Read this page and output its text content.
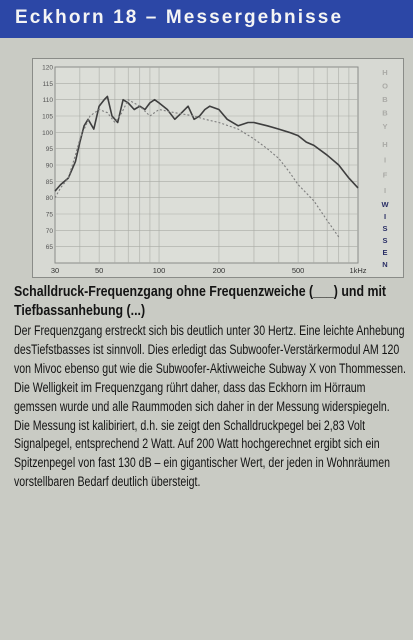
Eckhorn 18 – Messergebnisse
65
70
75
80
85
90
95
100
105
110
115
120
30	50	100	200	500	1kHz
H
O
B
B
Y
H
I
F
I
W
I
S
S
E
N
Schalldruck-Frequenzgang ohne Frequenzweiche (___) und mit Tiefbassanhebung (...)
Der Frequenzgang erstreckt sich bis deutlich unter 30 Hertz. Eine leichte Anhebung desTiefstbasses ist sinnvoll. Dies erledigt das Subwoofer-Verstärkermodul AM 120 von Mivoc ebenso gut wie die Subwoofer-Aktivweiche Subway X von Thommessen. Die Welligkeit im Frequenzgang rührt daher, dass das Eckhorn im Hörraum gemssen wurde und alle Raummoden sich daher in der Messung widerspiegeln. Die Messung ist kalibiriert, d.h. sie zeigt den Schalldruckpegel bei 2,83 Volt Signalpegel, entsprechend 2 Watt. Auf 200 Watt hochgerechnet ergibt sich ein Spitzenpegel von fast 130 dB – ein gigantischer Wert, der jeden in Wohnräumen vorstellbaren Bedarf deutlich übersteigt.
